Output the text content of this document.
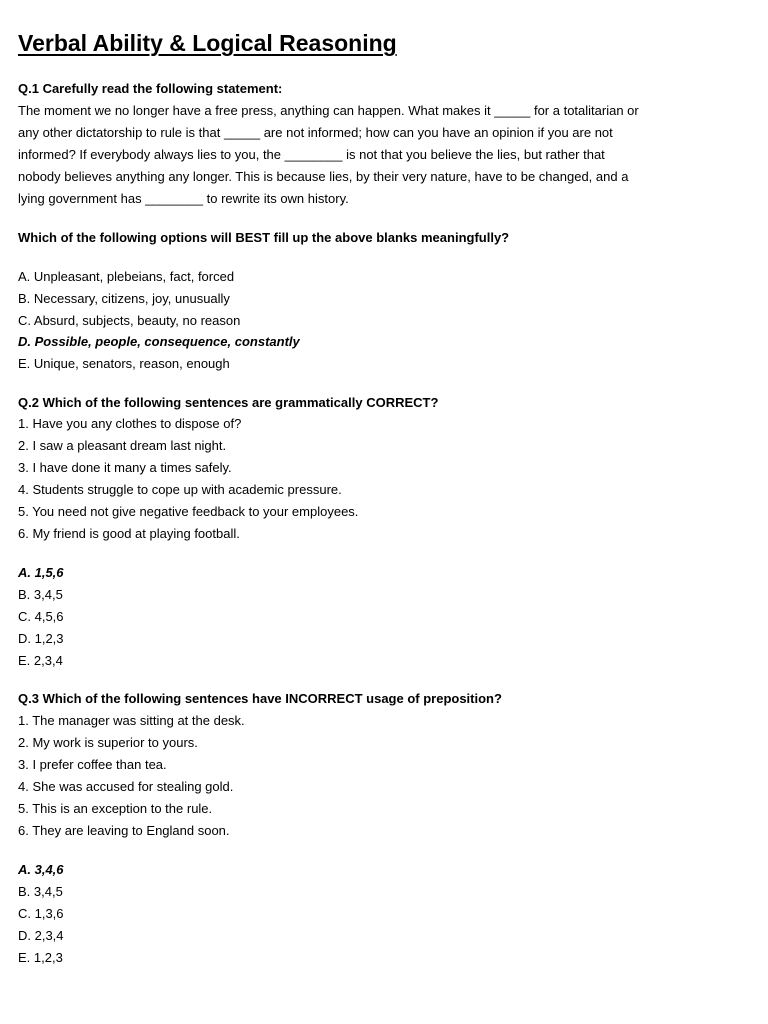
Verbal Ability & Logical Reasoning
Q.1 Carefully read the following statement:
The moment we no longer have a free press, anything can happen. What makes it _____ for a totalitarian or
any other dictatorship to rule is that _____ are not informed; how can you have an opinion if you are not
informed? If everybody always lies to you, the ________ is not that you believe the lies, but rather that
nobody believes anything any longer. This is because lies, by their very nature, have to be changed, and a
lying government has ________ to rewrite its own history.
Which of the following options will BEST fill up the above blanks meaningfully?
A. Unpleasant, plebeians, fact, forced
B. Necessary, citizens, joy, unusually
C. Absurd, subjects, beauty, no reason
D. Possible, people, consequence, constantly
E. Unique, senators, reason, enough
Q.2 Which of the following sentences are grammatically CORRECT?
1. Have you any clothes to dispose of?
2. I saw a pleasant dream last night.
3. I have done it many a times safely.
4. Students struggle to cope up with academic pressure.
5. You need not give negative feedback to your employees.
6. My friend is good at playing football.
A. 1,5,6
B. 3,4,5
C. 4,5,6
D. 1,2,3
E. 2,3,4
Q.3 Which of the following sentences have INCORRECT usage of preposition?
1. The manager was sitting at the desk.
2. My work is superior to yours.
3. I prefer coffee than tea.
4. She was accused for stealing gold.
5. This is an exception to the rule.
6. They are leaving to England soon.
A. 3,4,6
B. 3,4,5
C. 1,3,6
D. 2,3,4
E. 1,2,3
